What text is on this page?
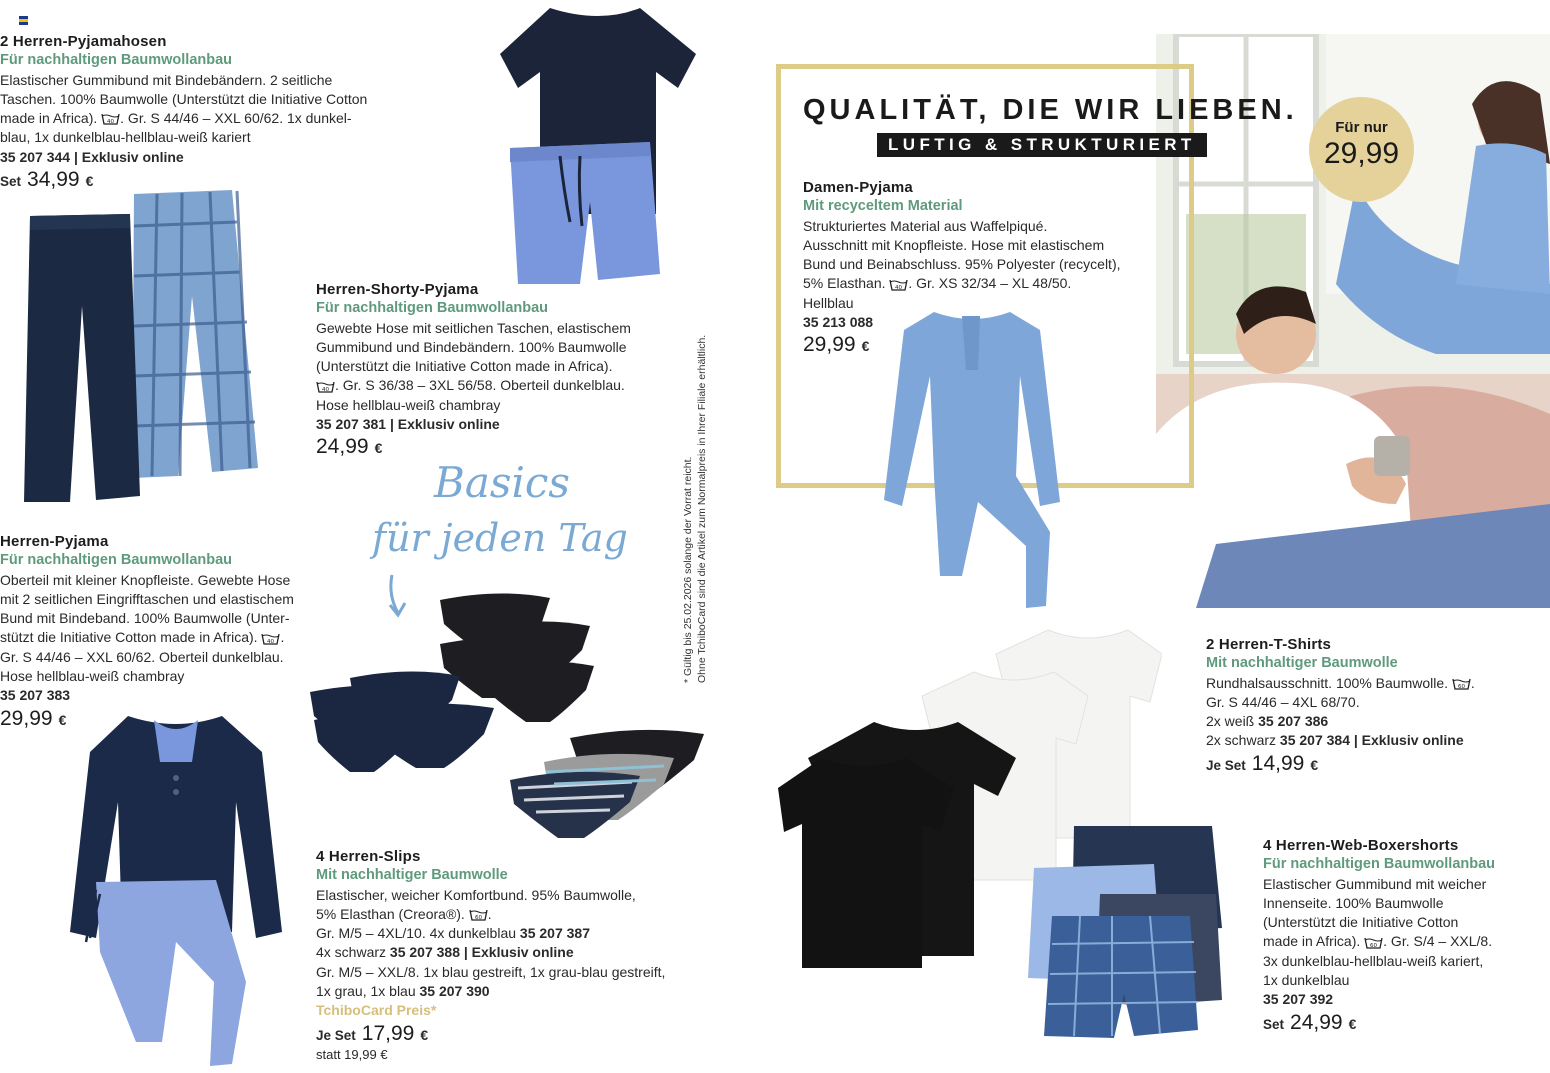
2 Herren-Pyjamahosen
Für nachhaltigen Baumwollanbau
Elastischer Gummibund mit Bindebändern. 2 seitliche
Taschen. 100% Baumwolle (Unterstützt die Initiative Cotton
made in Africa). 40 . Gr. S 44/46 – XXL 60/62. 1x dunkel-
blau, 1x dunkelblau-hellblau-weiß kariert
35 207 344 | Exklusiv online
Set 34,99 €
Herren-Shorty-Pyjama
Für nachhaltigen Baumwollanbau
Gewebte Hose mit seitlichen Taschen, elastischem
Gummibund und Bindebändern. 100% Baumwolle
(Unterstützt die Initiative Cotton made in Africa).
40 . Gr. S 36/38 – 3XL 56/58. Oberteil dunkelblau.
Hose hellblau-weiß chambray
35 207 381 | Exklusiv online
24,99 €
Basics
für jeden Tag
Herren-Pyjama
Für nachhaltigen Baumwollanbau
Oberteil mit kleiner Knopfleiste. Gewebte Hose
mit 2 seitlichen Eingrifftaschen und elastischem
Bund mit Bindeband. 100% Baumwolle (Unter-
stützt die Initiative Cotton made in Africa). 40 .
Gr. S 44/46 – XXL 60/62. Oberteil dunkelblau.
Hose hellblau-weiß chambray
35 207 383
29,99 €
4 Herren-Slips
Mit nachhaltiger Baumwolle
Elastischer, weicher Komfortbund. 95% Baumwolle,
5% Elasthan (Creora®). 60 .
Gr. M/5 – 4XL/10. 4x dunkelblau 35 207 387
4x schwarz 35 207 388 | Exklusiv online
Gr. M/5 – XXL/8. 1x blau gestreift, 1x grau-blau gestreift,
1x grau, 1x blau 35 207 390
TchiboCard Preis*
Je Set 17,99 €
statt 19,99 €
* Gültig bis 25.02.2026 solange der Vorrat reicht. Ohne TchiboCard sind die Artikel zum Normalpreis in Ihrer Filiale erhältlich.
QUALITÄT, DIE WIR LIEBEN.
LUFTIG & STRUKTURIERT
Für nur
29,99
Damen-Pyjama
Mit recyceltem Material
Strukturiertes Material aus Waffelpiqué.
Ausschnitt mit Knopfleiste. Hose mit elastischem
Bund und Beinabschluss. 95% Polyester (recycelt),
5% Elasthan. 40 . Gr. XS 32/34 – XL 48/50.
Hellblau
35 213 088
29,99 €
2 Herren-T-Shirts
Mit nachhaltiger Baumwolle
Rundhalsausschnitt. 100% Baumwolle. 60 .
Gr. S 44/46 – 4XL 68/70.
2x weiß 35 207 386
2x schwarz 35 207 384 | Exklusiv online
Je Set 14,99 €
4 Herren-Web-Boxershorts
Für nachhaltigen Baumwollanbau
Elastischer Gummibund mit weicher
Innenseite. 100% Baumwolle
(Unterstützt die Initiative Cotton
made in Africa). 60 . Gr. S/4 – XXL/8.
3x dunkelblau-hellblau-weiß kariert,
1x dunkelblau
35 207 392
Set 24,99 €
